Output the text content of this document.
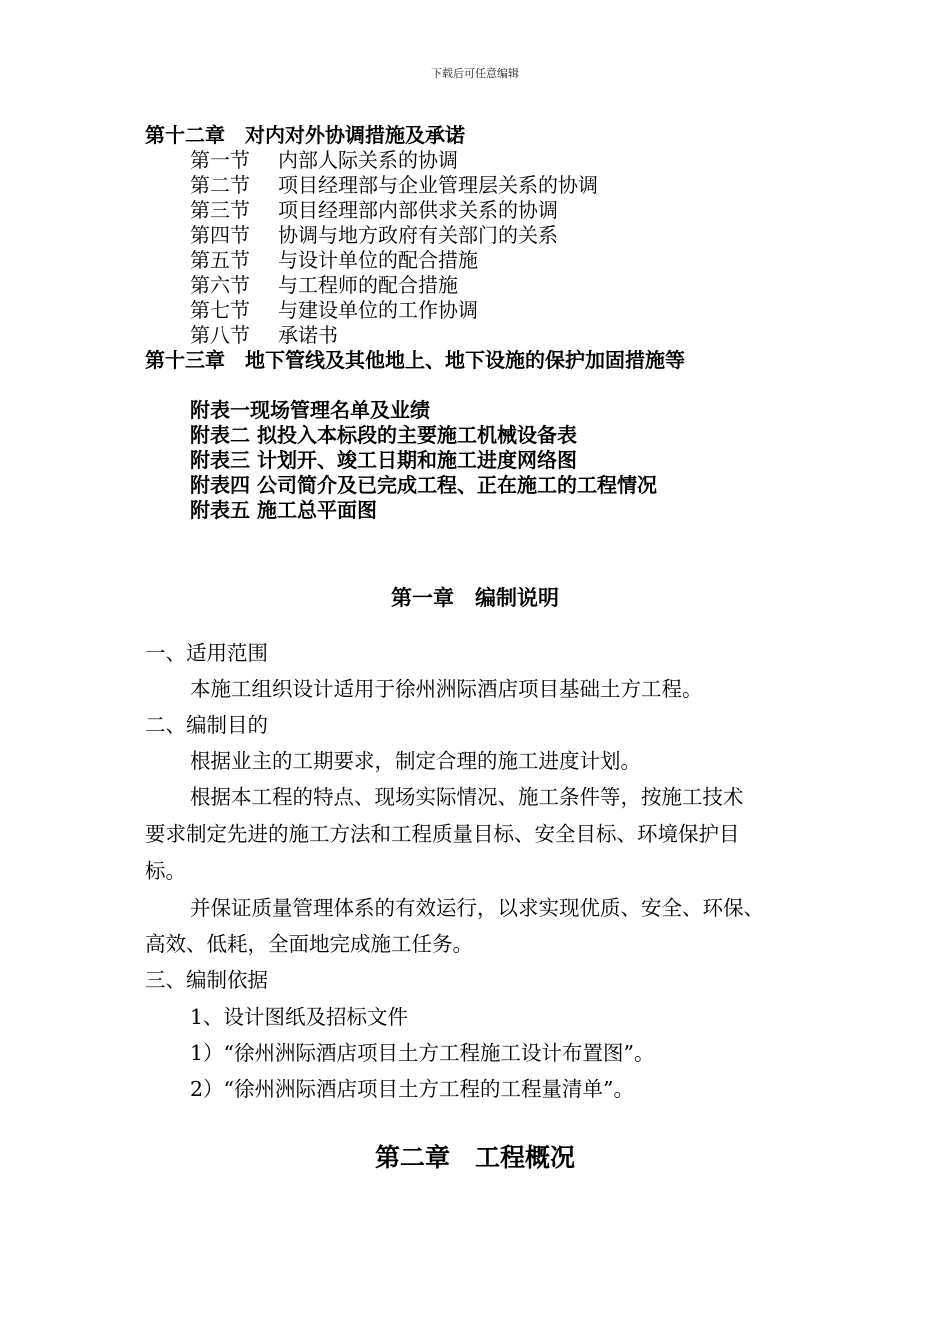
下载后可任意编辑
第十二章　 对内对外协调措施及承诺
第一节 内部人际关系的协调
第二节 项目经理部与企业管理层关系的协调
第三节 项目经理部内部供求关系的协调
第四节 协调与地方政府有关部门的关系
第五节 与设计单位的配合措施
第六节 与工程师的配合措施
第七节 与建设单位的工作协调
第八节 承诺书
第十三章　 地下管线及其他地上、地下设施的保护加固措施等
附表一现场管理名单及业绩
附表二 拟投入本标段的主要施工机械设备表
附表三 计划开、竣工日期和施工进度网络图
附表四 公司简介及已完成工程、正在施工的工程情况
附表五 施工总平面图
第一章　编制说明
一、适用范围
本施工组织设计适用于徐州洲际酒店项目基础土方工程。
二、编制目的
根据业主的工期要求，制定合理的施工进度计划。
根据本工程的特点、现场实际情况、施工条件等，按施工技术
要求制定先进的施工方法和工程质量目标、安全目标、环境保护目
标。
并保证质量管理体系的有效运行，以求实现优质、安全、环保、
高效、低耗，全面地完成施工任务。
三、编制依据
1、设计图纸及招标文件
1）“徐州洲际酒店项目土方工程施工设计布置图”。
2）“徐州洲际酒店项目土方工程的工程量清单”。
第二章　工程概况
